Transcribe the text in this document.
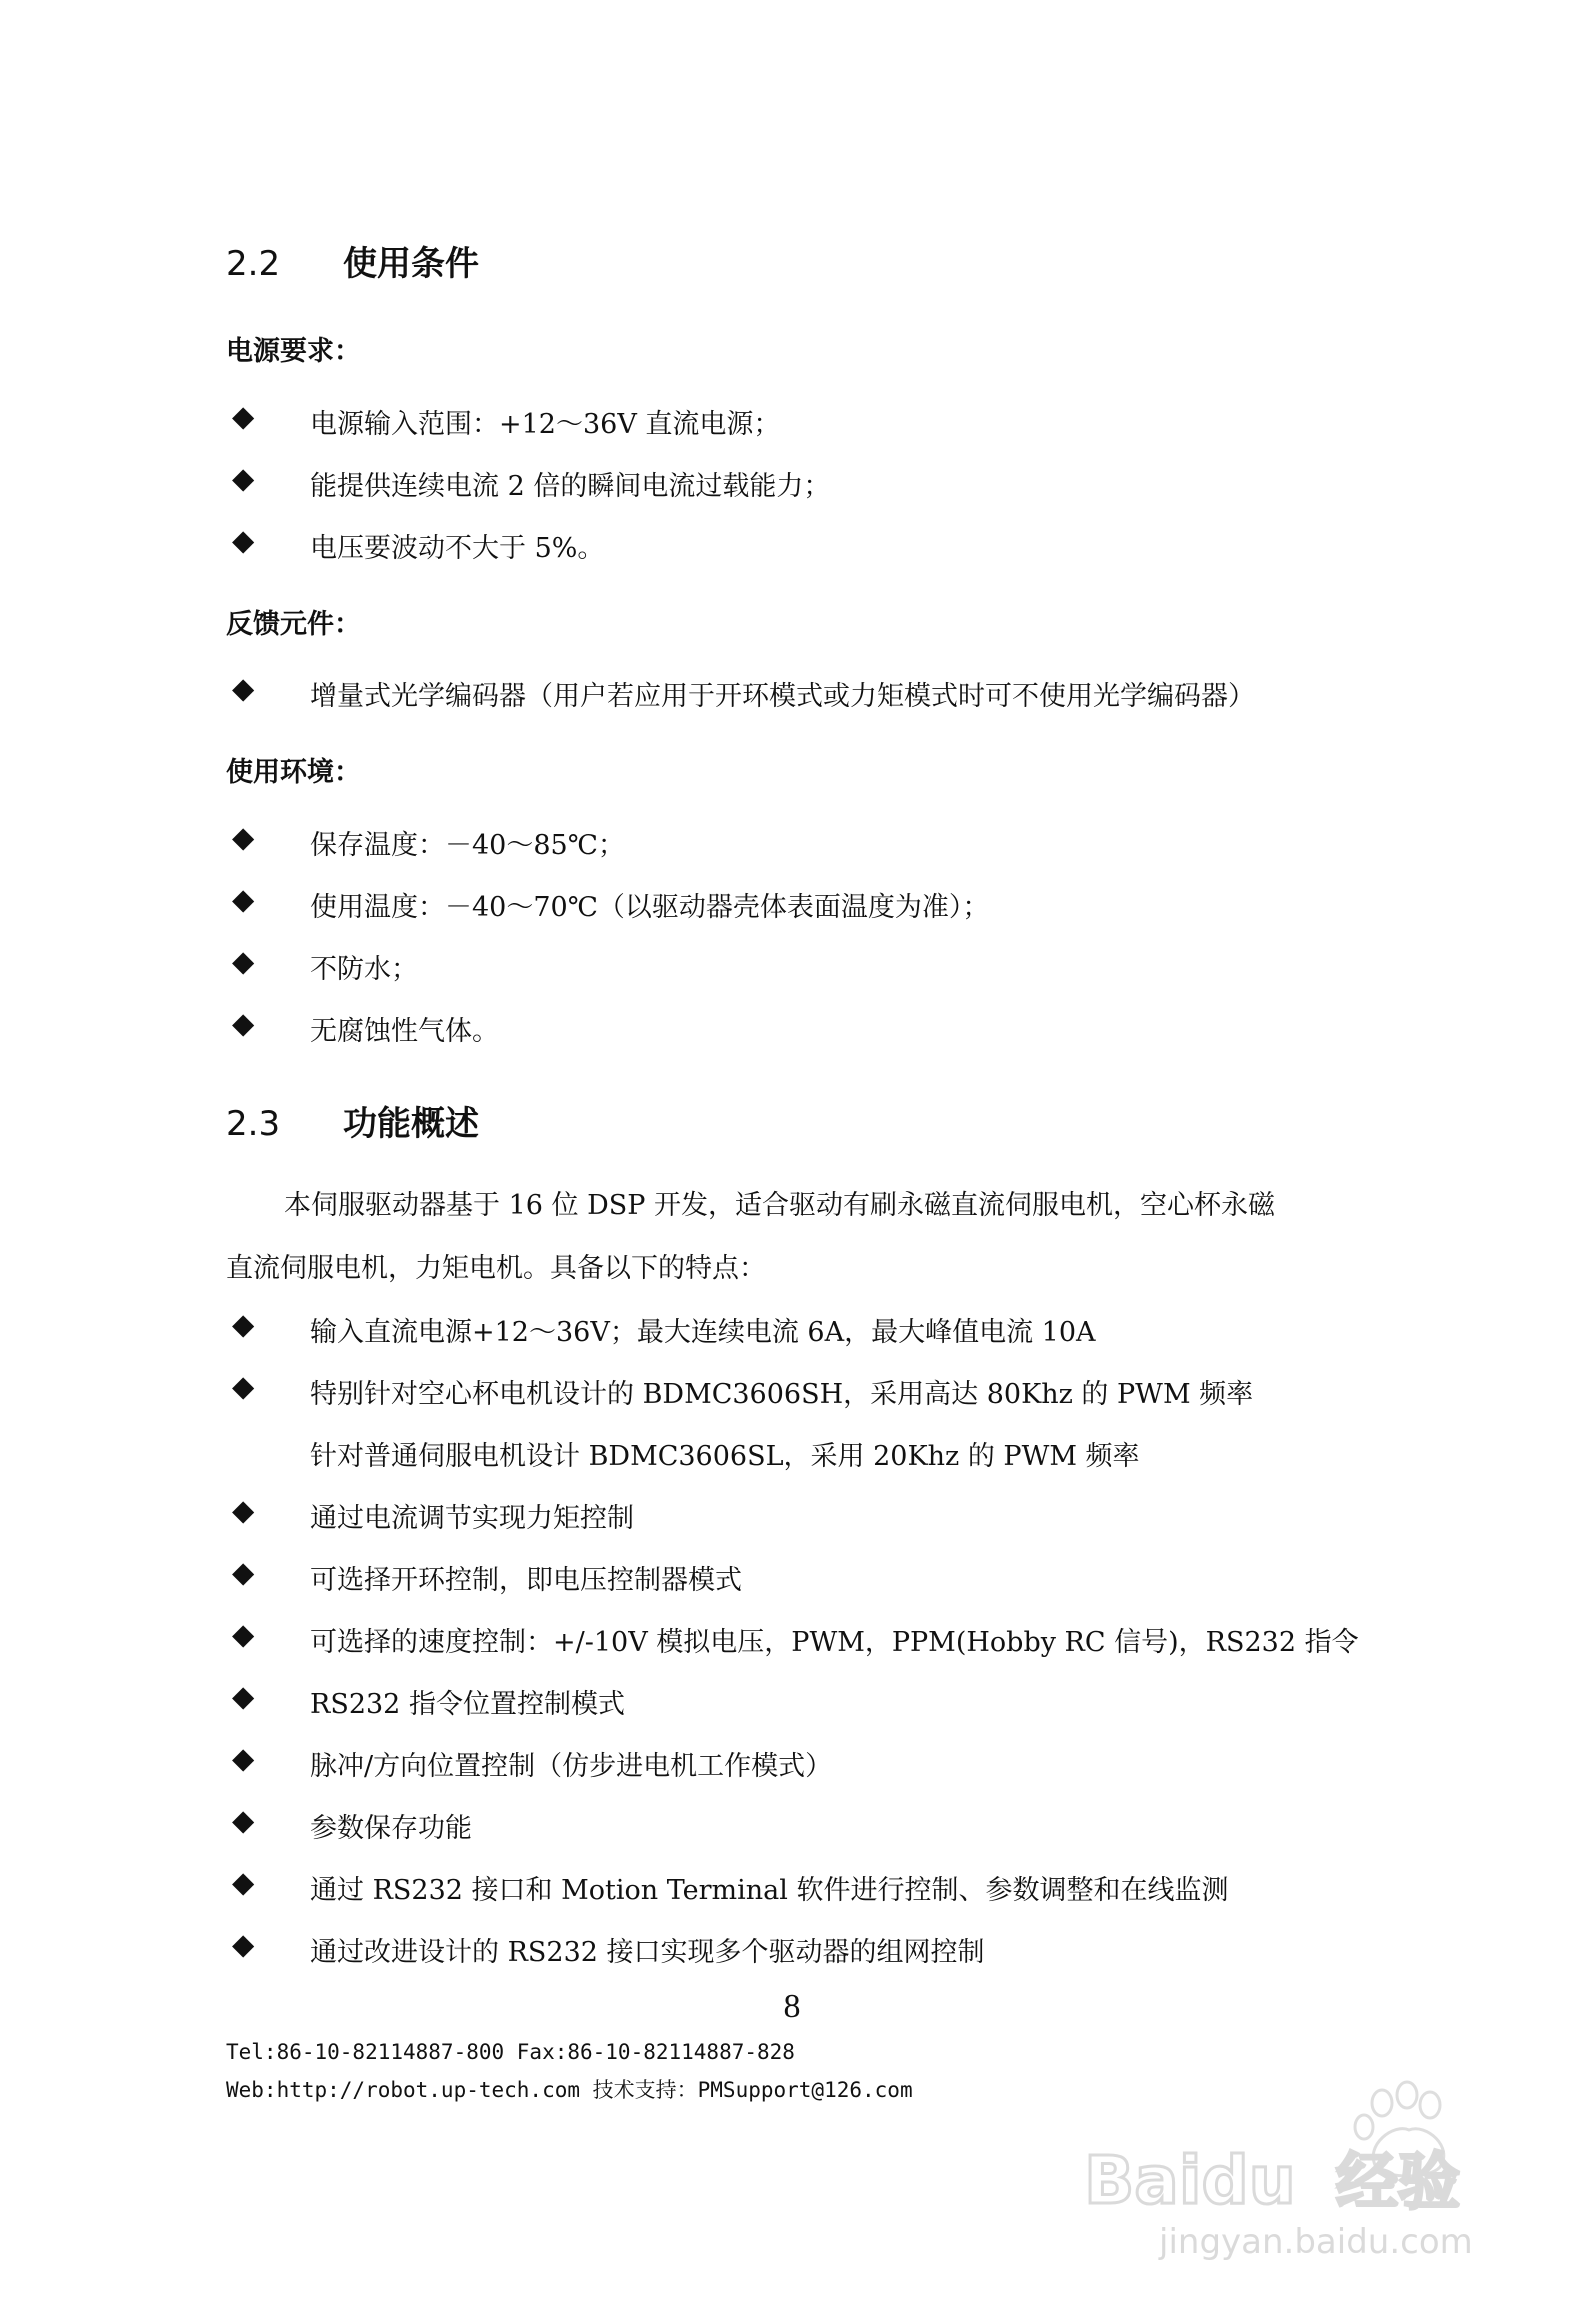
2.2 使用条件
电源要求：
◆ 电源输入范围：+12～36V 直流电源；
◆ 能提供连续电流 2 倍的瞬间电流过载能力；
◆ 电压要波动不大于 5%。
反馈元件：
◆ 增量式光学编码器（用户若应用于开环模式或力矩模式时可不使用光学编码器）
使用环境：
◆ 保存温度：－40～85℃；
◆ 使用温度：－40～70℃（以驱动器壳体表面温度为准）；
◆ 不防水；
◆ 无腐蚀性气体。
2.3 功能概述
本伺服驱动器基于 16 位 DSP 开发，适合驱动有刷永磁直流伺服电机，空心杯永磁
直流伺服电机，力矩电机。具备以下的特点：
◆ 输入直流电源+12～36V；最大连续电流 6A，最大峰值电流 10A
◆ 特别针对空心杯电机设计的 BDMC3606SH，采用高达 80Khz 的 PWM 频率
针对普通伺服电机设计 BDMC3606SL，采用 20Khz 的 PWM 频率
◆ 通过电流调节实现力矩控制
◆ 可选择开环控制，即电压控制器模式
◆ 可选择的速度控制：+/-10V 模拟电压，PWM，PPM(Hobby RC 信号)，RS232 指令
◆ RS232 指令位置控制模式
◆ 脉冲/方向位置控制（仿步进电机工作模式）
◆ 参数保存功能
◆ 通过 RS232 接口和 Motion Terminal 软件进行控制、参数调整和在线监测
◆ 通过改进设计的 RS232 接口实现多个驱动器的组网控制
8
Tel:86-10-82114887-800 Fax:86-10-82114887-828
Web:http://robot.up-tech.com 技术支持：PMSupport@126.com
Baidu 经验
jingyan.baidu.com
